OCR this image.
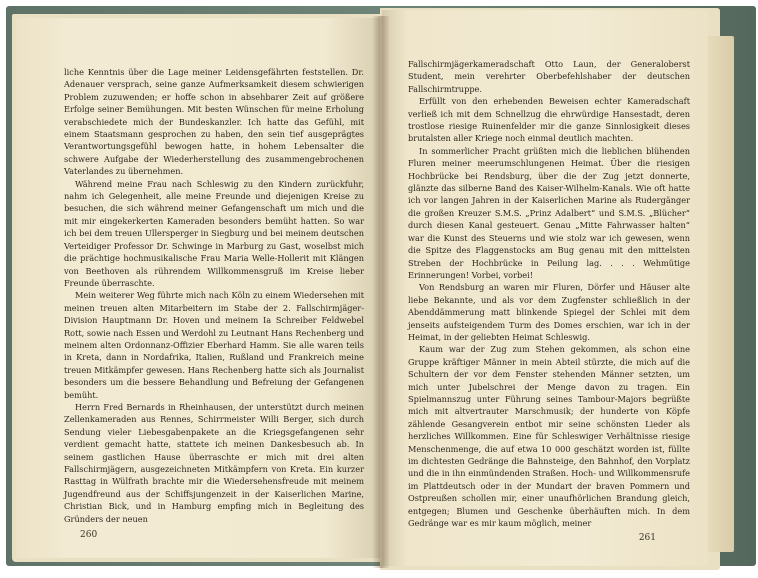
liche Kenntnis über die Lage meiner Leidensgefährten feststellen. Dr. Adenauer versprach, seine ganze Aufmerksamkeit diesem schwierigen Problem zuzuwenden; er hoffe schon in absehbarer Zeit auf größere Erfolge seiner Bemühungen. Mit besten Wünschen für meine Erholung verabschiedete mich der Bundeskanzler. Ich hatte das Gefühl, mit einem Staatsmann gesprochen zu haben, den sein tief ausgeprägtes Verantwortungsgefühl bewogen hatte, in hohem Lebensalter die schwere Aufgabe der Wiederherstellung des zusammengebrochenen Vaterlandes zu übernehmen.

Während meine Frau nach Schleswig zu den Kindern zurückfuhr, nahm ich Gelegenheit, alle meine Freunde und diejenigen Kreise zu besuchen, die sich während meiner Gefangenschaft um mich und die mit mir eingekerkerten Kameraden besonders bemüht hatten. So war ich bei dem treuen Ullersperger in Siegburg und bei meinem deutschen Verteidiger Professor Dr. Schwinge in Marburg zu Gast, woselbst mich die prächtige hochmusikalische Frau Maria Welle-Hollerit mit Klängen von Beethoven als rührendem Willkommensgruß im Kreise lieber Freunde überraschte.

Mein weiterer Weg führte mich nach Köln zu einem Wiedersehen mit meinen treuen alten Mitarbeitern im Stabe der 2. Fallschirmjäger-Division Hauptmann Dr. Hoven und meinem Ia Schreiber Feldwebel Rott, sowie nach Essen und Werdohl zu Leutnant Hans Rechenberg und meinem alten Ordonnanz-Offizier Eberhard Hamm. Sie alle waren teils in Kreta, dann in Nordafrika, Italien, Rußland und Frankreich meine treuen Mitkämpfer gewesen. Hans Rechenberg hatte sich als Journalist besonders um die bessere Behandlung und Befreiung der Gefangenen bemüht.

Herrn Fred Bernards in Rheinhausen, der unterstützt durch meinen Zellenkameraden aus Rennes, Schirrmeister Willi Berger, sich durch Sendung vieler Liebesgabenpakete an die Kriegsgefangenen sehr verdient gemacht hatte, stattete ich meinen Dankesbesuch ab. In seinem gastlichen Hause überraschte er mich mit drei alten Fallschirmjägern, ausgezeichneten Mitkämpfern von Kreta. Ein kurzer Rasttag in Wülfrath brachte mir die Wiedersehensfreude mit meinem Jugendfreund aus der Schiffsjungenzeit in der Kaiserlichen Marine, Christian Bick, und in Hamburg empfing mich in Begleitung des Gründers der neuen

260

Fallschirmjägerkameradschaft Otto Laun, der Generaloberst Student, mein verehrter Oberbefehlshaber der deutschen Fallschirmtruppe.

Erfüllt von den erhebenden Beweisen echter Kameradschaft verließ ich mit dem Schnellzug die ehrwürdige Hansestadt, deren trostlose riesige Ruinenfelder mir die ganze Sinnlosigkeit dieses brutalsten aller Kriege noch einmal deutlich machten.

In sommerlicher Pracht grüßten mich die lieblichen blühenden Fluren meiner meerumschlungenen Heimat. Über die riesigen Hochbrücke bei Rendsburg, über die der Zug jetzt donnerte, glänzte das silberne Band des Kaiser-Wilhelm-Kanals. Wie oft hatte ich vor langen Jahren in der Kaiserlichen Marine als Rudergänger die großen Kreuzer S.M.S. „Prinz Adalbert“ und S.M.S. „Blücher“ durch diesen Kanal gesteuert. Genau „Mitte Fahrwasser halten“ war die Kunst des Steuerns und wie stolz war ich gewesen, wenn die Spitze des Flaggenstocks am Bug genau mit den mittelsten Streben der Hochbrücke in Peilung lag. . . . Wehmütige Erinnerungen! Vorbei, vorbei!

Von Rendsburg an waren mir Fluren, Dörfer und Häuser alte liebe Bekannte, und als vor dem Zugfenster schließlich in der Abenddämmerung matt blinkende Spiegel der Schlei mit dem jenseits aufsteigendem Turm des Domes erschien, war ich in der Heimat, in der geliebten Heimat Schleswig.

Kaum war der Zug zum Stehen gekommen, als schon eine Gruppe kräftiger Männer in mein Abteil stürzte, die mich auf die Schultern der vor dem Fenster stehenden Männer setzten, um mich unter Jubelschrei der Menge davon zu tragen. Ein Spielmannszug unter Führung seines Tambour-Majors begrüßte mich mit altvertrauter Marschmusik; der hunderte von Köpfe zählende Gesangverein entbot mir seine schönsten Lieder als herzliches Willkommen. Eine für Schleswiger Verhältnisse riesige Menschenmenge, die auf etwa 10 000 geschätzt worden ist, füllte im dichtesten Gedränge die Bahnsteige, den Bahnhof, den Vorplatz und die in ihn einmündenden Straßen. Hoch- und Willkommensrufe im Plattdeutsch oder in der Mundart der braven Pommern und Ostpreußen schollen mir, einer unaufhörlichen Brandung gleich, entgegen; Blumen und Geschenke überhäuften mich. In dem Gedränge war es mir kaum möglich, meiner

261
